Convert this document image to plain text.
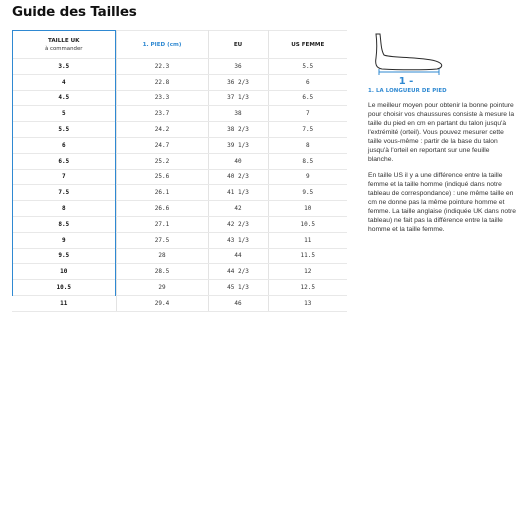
Guide des Tailles
TAILLE UK
à commander	1. PIED (cm)	EU	US FEMME
3.5	22.3	36	5.5
4	22.8	36 2/3	6
4.5	23.3	37 1/3	6.5
5	23.7	38	7
5.5	24.2	38 2/3	7.5
6	24.7	39 1/3	8
6.5	25.2	40	8.5
7	25.6	40 2/3	9
7.5	26.1	41 1/3	9.5
8	26.6	42	10
8.5	27.1	42 2/3	10.5
9	27.5	43 1/3	11
9.5	28	44	11.5
10	28.5	44 2/3	12
10.5	29	45 1/3	12.5
11	29.4	46	13
1 -
1. LA LONGUEUR DE PIED

Le meilleur moyen pour obtenir la bonne pointure pour choisir vos chaussures consiste à mesure la taille du pied en cm en partant du talon jusqu'à l'extrémité (orteil). Vous pouvez mesurer cette taille vous-même : partir de la base du talon jusqu'à l'orteil en reportant sur une feuille blanche.

En taille US il y a une différence entre la taille femme et la taille homme (indiqué dans notre tableau de correspondance) : une même taille en cm ne donne pas la même pointure homme et femme. La taille anglaise (indiquée UK dans notre tableau) ne fait pas la différence entre la taille homme et la taille femme.
